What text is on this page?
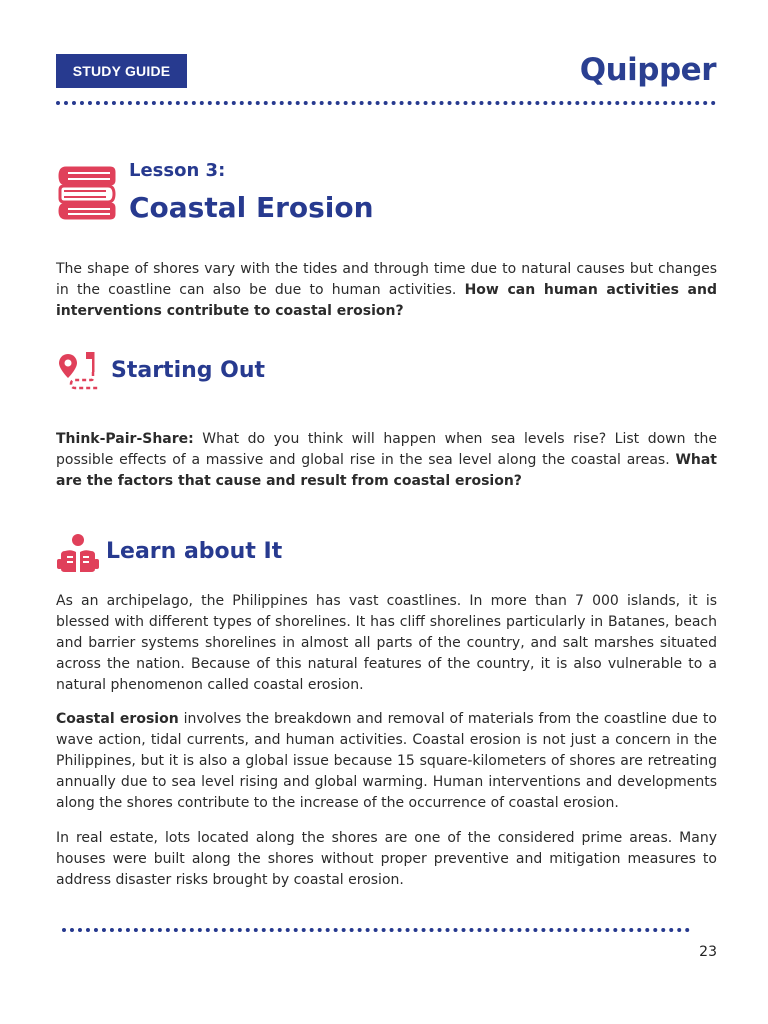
STUDY GUIDE	Quipper
Lesson 3:
Coastal Erosion

The shape of shores vary with the tides and through time due to natural causes but changes in the coastline can also be due to human activities. How can human activities and interventions contribute to coastal erosion?

Starting Out

Think-Pair-Share: What do you think will happen when sea levels rise? List down the possible effects of a massive and global rise in the sea level along the coastal areas. What are the factors that cause and result from coastal erosion?

Learn about It

As an archipelago, the Philippines has vast coastlines. In more than 7 000 islands, it is blessed with different types of shorelines. It has cliff shorelines particularly in Batanes, beach and barrier systems shorelines in almost all parts of the country, and salt marshes situated across the nation. Because of this natural features of the country, it is also vulnerable to a natural phenomenon called coastal erosion.

Coastal erosion involves the breakdown and removal of materials from the coastline due to wave action, tidal currents, and human activities. Coastal erosion is not just a concern in the Philippines, but it is also a global issue because 15 square-kilometers of shores are retreating annually due to sea level rising and global warming. Human interventions and developments along the shores contribute to the increase of the occurrence of coastal erosion.

In real estate, lots located along the shores are one of the considered prime areas. Many houses were built along the shores without proper preventive and mitigation measures to address disaster risks brought by coastal erosion.

23
